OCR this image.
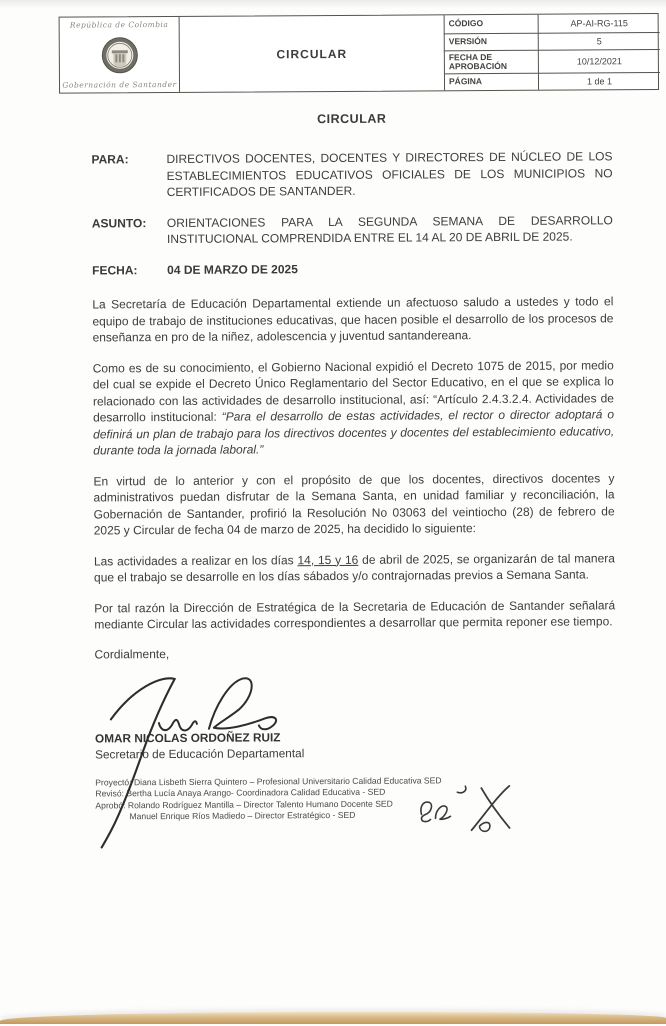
República de Colombia
Gobernación de Santander
CIRCULAR
CÓDIGO	AP-AI-RG-115
VERSIÓN	5
FECHA DE APROBACIÓN	10/12/2021
PÁGINA	1 de 1
CIRCULAR
PARA:	DIRECTIVOS DOCENTES, DOCENTES Y DIRECTORES DE NÚCLEO DE LOS ESTABLECIMIENTOS EDUCATIVOS OFICIALES DE LOS MUNICIPIOS NO CERTIFICADOS DE SANTANDER.
ASUNTO:	ORIENTACIONES PARA LA SEGUNDA SEMANA DE DESARROLLO INSTITUCIONAL COMPRENDIDA ENTRE EL 14 AL 20 DE ABRIL DE 2025.
FECHA:	04 DE MARZO DE 2025

La Secretaría de Educación Departamental extiende un afectuoso saludo a ustedes y todo el equipo de trabajo de instituciones educativas, que hacen posible el desarrollo de los procesos de enseñanza en pro de la niñez, adolescencia y juventud santandereana.

Como es de su conocimiento, el Gobierno Nacional expidió el Decreto 1075 de 2015, por medio del cual se expide el Decreto Único Reglamentario del Sector Educativo, en el que se explica lo relacionado con las actividades de desarrollo institucional, así: “Artículo 2.4.3.2.4. Actividades de desarrollo institucional: “Para el desarrollo de estas actividades, el rector o director adoptará o definirá un plan de trabajo para los directivos docentes y docentes del establecimiento educativo, durante toda la jornada laboral.”

En virtud de lo anterior y con el propósito de que los docentes, directivos docentes y administrativos puedan disfrutar de la Semana Santa, en unidad familiar y reconciliación, la Gobernación de Santander, profirió la Resolución No 03063 del veintiocho (28) de febrero de 2025 y Circular de fecha 04 de marzo de 2025, ha decidido lo siguiente:

Las actividades a realizar en los días 14, 15 y 16 de abril de 2025, se organizarán de tal manera que el trabajo se desarrolle en los días sábados y/o contrajornadas previos a Semana Santa.

Por tal razón la Dirección de Estratégica de la Secretaria de Educación de Santander señalará mediante Circular las actividades correspondientes a desarrollar que permita reponer ese tiempo.

Cordialmente,

OMAR NICOLAS ORDOÑEZ RUIZ
Secretario de Educación Departamental
Proyectó: Diana Lisbeth Sierra Quintero – Profesional Universitario Calidad Educativa SED
Revisó: Bertha Lucía Anaya Arango- Coordinadora Calidad Educativa - SED
Aprobó: Rolando Rodríguez Mantilla – Director Talento Humano Docente SED
Manuel Enrique Ríos Madiedo – Director Estratégico - SED
